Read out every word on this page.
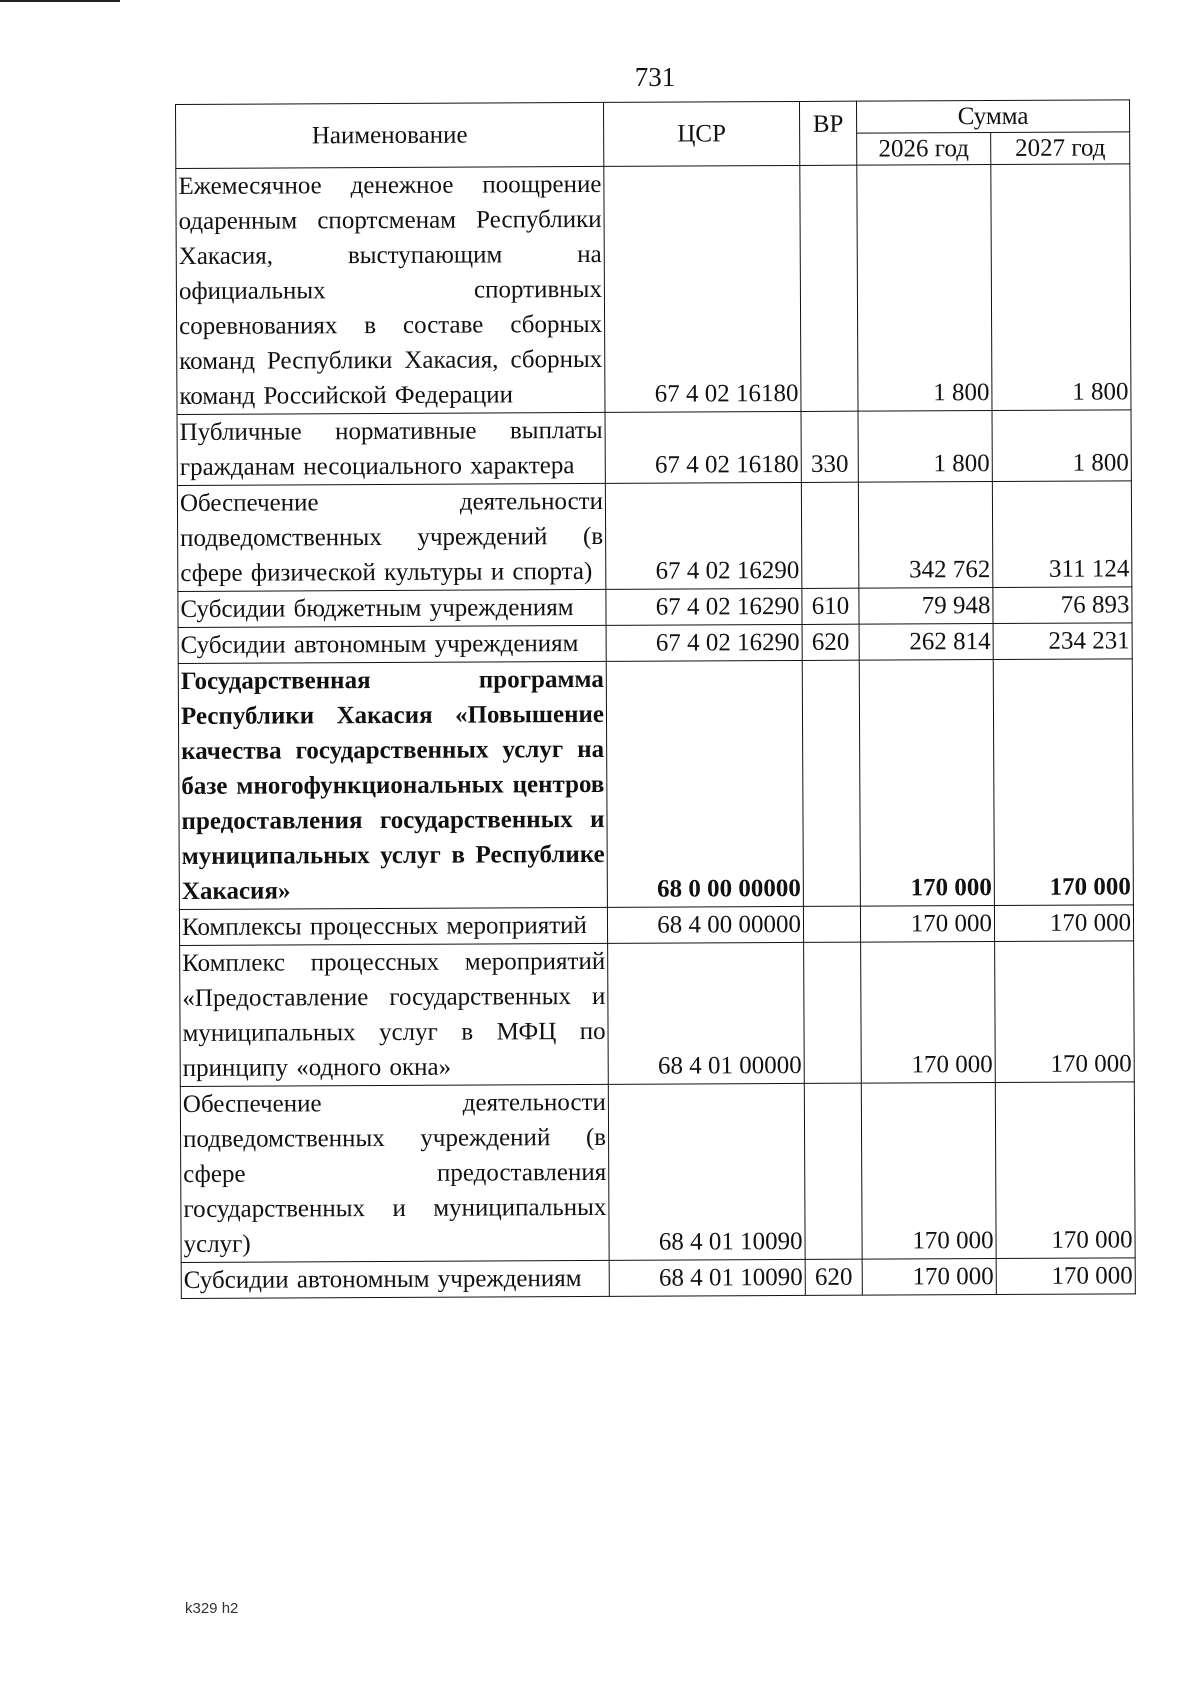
731
Наименование	ЦСР	ВР	Сумма	
			2026 год	2027 год
Ежемесячное денежное поощрение одаренным спортсменам Республики Хакасия, выступающим на официальных спортивных соревнованиях в составе сборных команд Республики Хакасия, сборных команд Российской Федерации	67 4 02 16180		1 800	1 800
Публичные нормативные выплаты гражданам несоциального характера	67 4 02 16180	330	1 800	1 800
Обеспечение деятельности подведомственных учреждений (в сфере физической культуры и спорта)	67 4 02 16290		342 762	311 124
Субсидии бюджетным учреждениям	67 4 02 16290	610	79 948	76 893
Субсидии автономным учреждениям	67 4 02 16290	620	262 814	234 231
Государственная программа Республики Хакасия «Повышение качества государственных услуг на базе многофункциональных центров предоставления государственных и муниципальных услуг в Республике Хакасия»	68 0 00 00000		170 000	170 000
Комплексы процессных мероприятий	68 4 00 00000		170 000	170 000
Комплекс процессных мероприятий «Предоставление государственных и муниципальных услуг в МФЦ по принципу «одного окна»	68 4 01 00000		170 000	170 000
Обеспечение деятельности подведомственных учреждений (в сфере предоставления государственных и муниципальных услуг)	68 4 01 10090		170 000	170 000
Субсидии автономным учреждениям	68 4 01 10090	620	170 000	170 000
k329 h2
